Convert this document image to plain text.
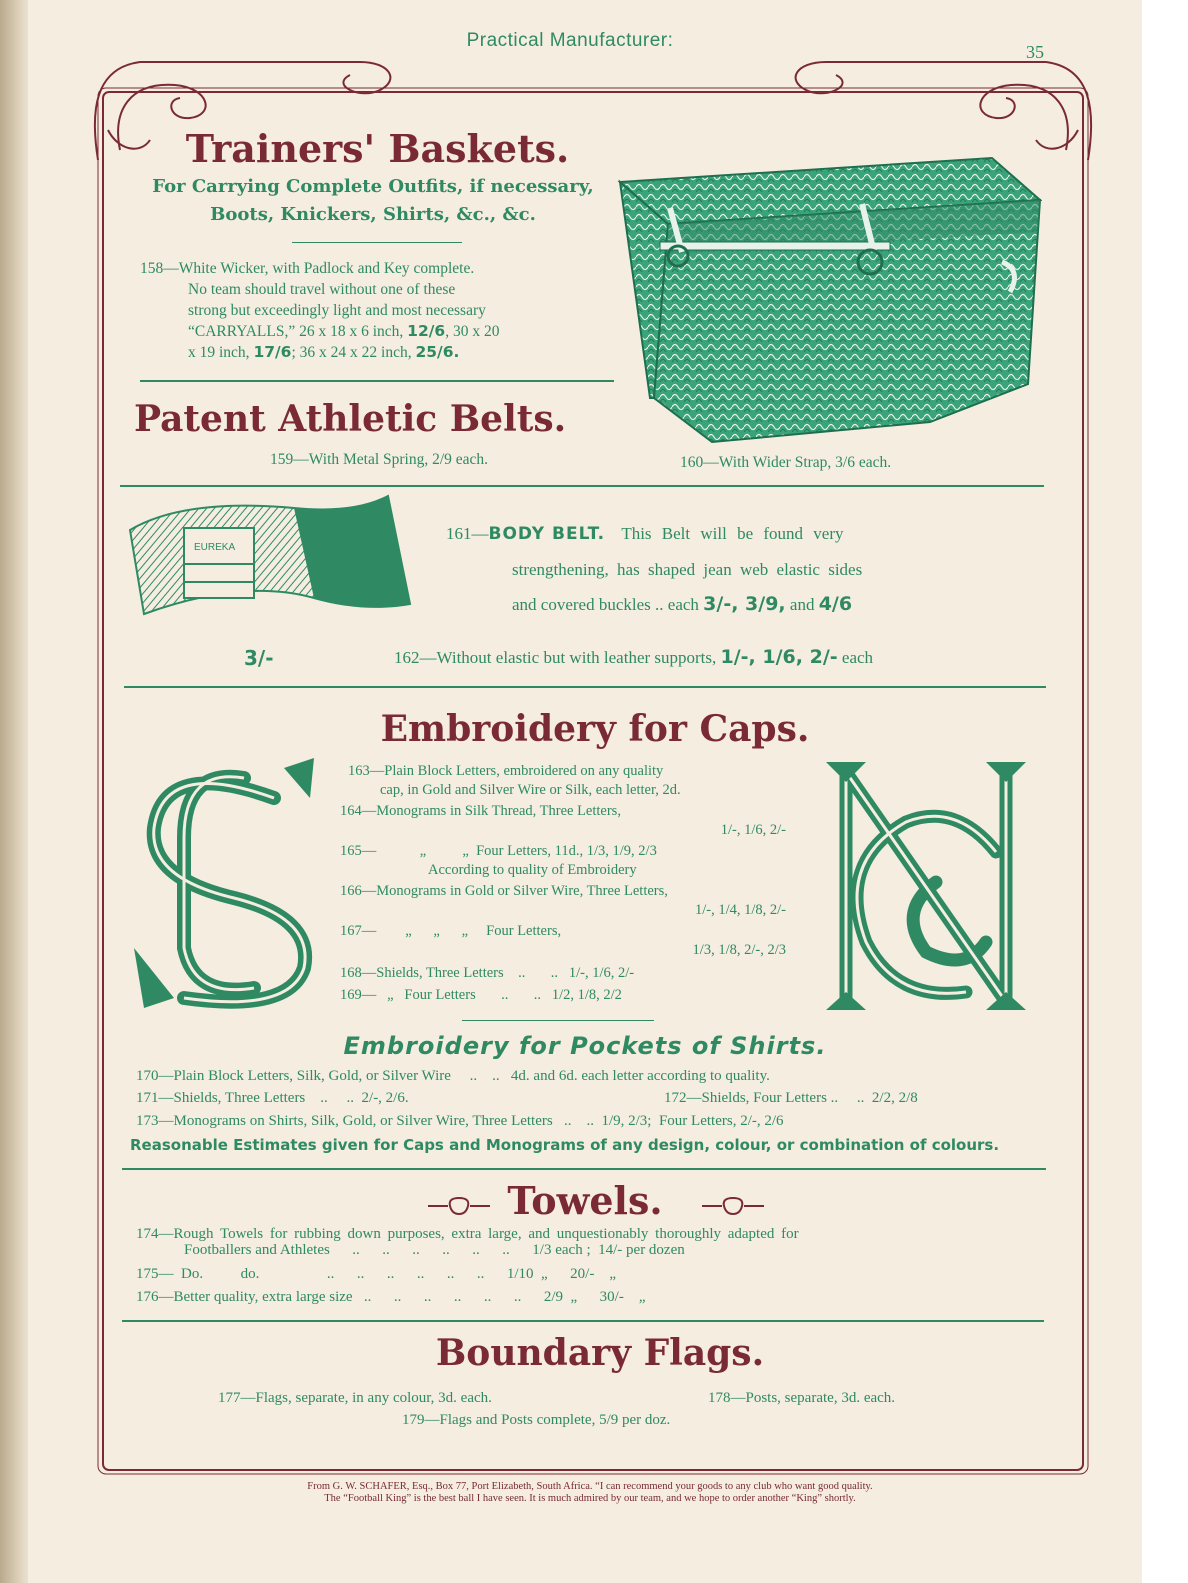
Practical Manufacturer:
35
Trainers' Baskets.
For Carrying Complete Outfits, if necessary,
Boots, Knickers, Shirts, &c., &c.
158—White Wicker, with Padlock and Key complete.
No team should travel without one of these
strong but exceedingly light and most necessary
“CARRYALLS,” 26 x 18 x 6 inch, 12/6, 30 x 20
x 19 inch, 17/6; 36 x 24 x 22 inch, 25/6.
Patent Athletic Belts.
159—With Metal Spring, 2/9 each.	160—With Wider Strap, 3/6 each.
EUREKA
161—BODY BELT. This Belt will be found very
strengthening, has shaped jean web elastic sides
and covered buckles .. each 3/-, 3/9, and 4/6
3/-	162—Without elastic but with leather supports, 1/-, 1/6, 2/- each
Embroidery for Caps.
163—Plain Block Letters, embroidered on any quality
cap, in Gold and Silver Wire or Silk, each letter, 2d.
164—Monograms in Silk Thread, Three Letters,
1/-, 1/6, 2/-
165—            „          „  Four Letters, 11d., 1/3, 1/9, 2/3
According to quality of Embroidery
166—Monograms in Gold or Silver Wire, Three Letters,
1/-, 1/4, 1/8, 2/-
167—        „      „      „     Four Letters,
1/3, 1/8, 2/-, 2/3
168—Shields, Three Letters    ..       ..   1/-, 1/6, 2/-
169—   „   Four Letters       ..       ..   1/2, 1/8, 2/2
Embroidery for Pockets of Shirts.
170—Plain Block Letters, Silk, Gold, or Silver Wire     ..    ..   4d. and 6d. each letter according to quality.
171—Shields, Three Letters    ..     ..  2/-, 2/6.	172—Shields, Four Letters ..     ..  2/2, 2/8
173—Monograms on Shirts, Silk, Gold, or Silver Wire, Three Letters   ..    ..  1/9, 2/3;  Four Letters, 2/-, 2/6
Reasonable Estimates given for Caps and Monograms of any design, colour, or combination of colours.
Towels.
174—Rough Towels for rubbing down purposes, extra large, and unquestionably thoroughly adapted for
Footballers and Athletes      ..      ..      ..      ..      ..      ..      1/3 each ;  14/- per dozen
175—  Do.          do.                  ..      ..      ..      ..      ..      ..      1/10  „      20/-    „
176—Better quality, extra large size   ..      ..      ..      ..      ..      ..      2/9  „      30/-    „
Boundary Flags.
177—Flags, separate, in any colour, 3d. each.	178—Posts, separate, 3d. each.
179—Flags and Posts complete, 5/9 per doz.
From G. W. SCHAFER, Esq., Box 77, Port Elizabeth, South Africa. “I can recommend your goods to any club who want good quality.
The “Football King” is the best ball I have seen. It is much admired by our team, and we hope to order another “King” shortly.
